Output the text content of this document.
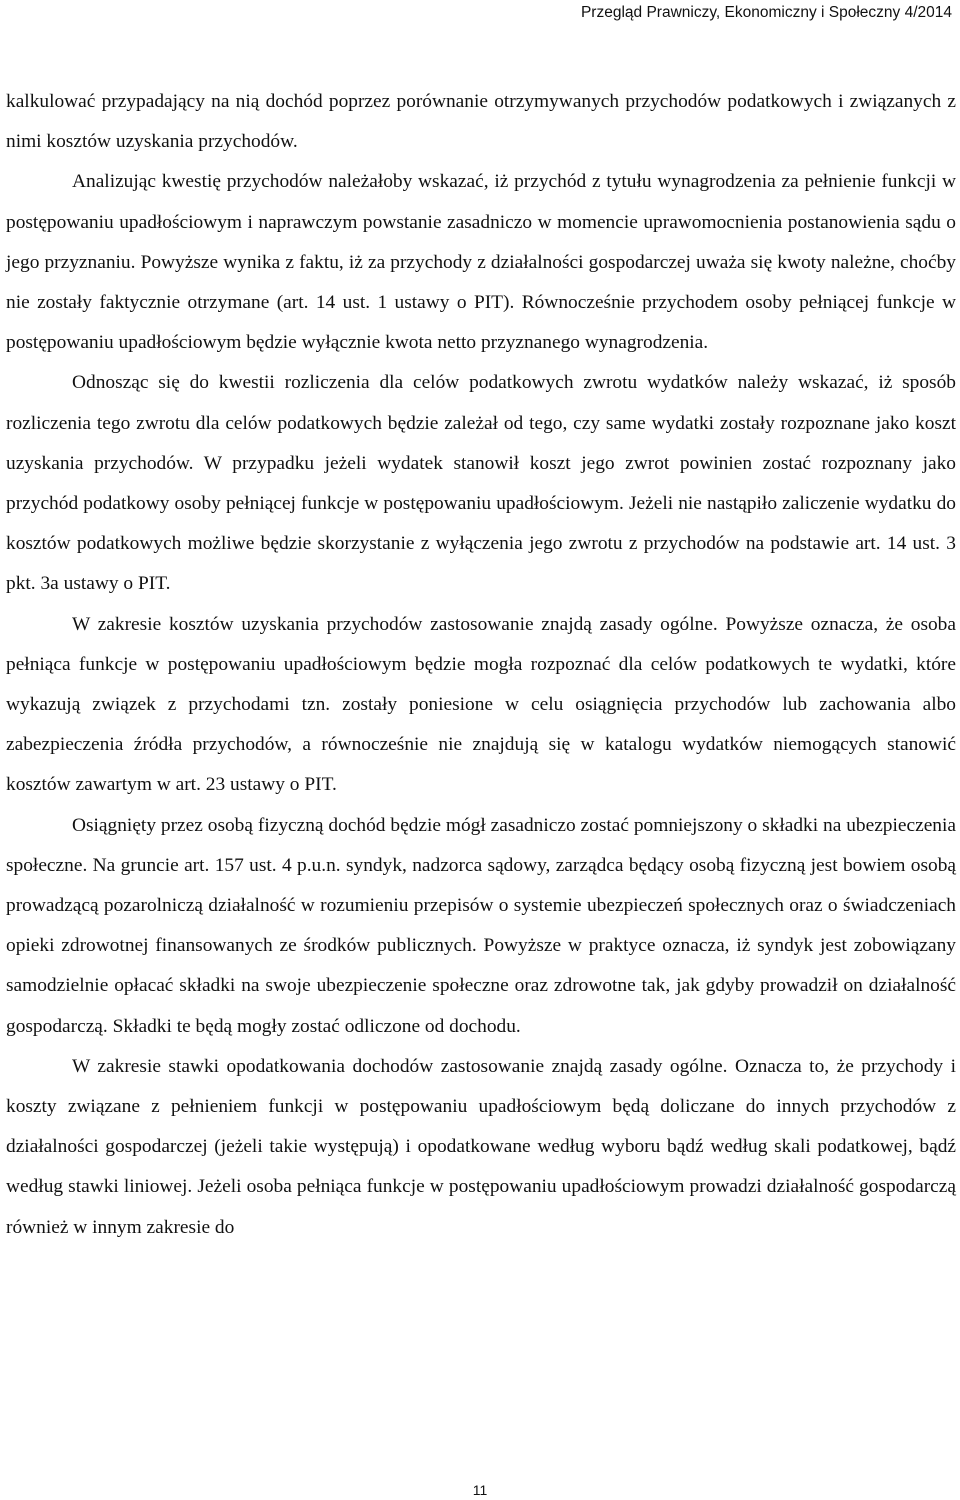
Przegląd Prawniczy, Ekonomiczny i Społeczny 4/2014

kalkulować przypadający na nią dochód poprzez porównanie otrzymywanych przychodów podatkowych i związanych z nimi kosztów uzyskania przychodów.

Analizując kwestię przychodów należałoby wskazać, iż przychód z tytułu wynagrodzenia za pełnienie funkcji w postępowaniu upadłościowym i naprawczym powstanie zasadniczo w momencie uprawomocnienia postanowienia sądu o jego przyznaniu. Powyższe wynika z faktu, iż za przychody z działalności gospodarczej uważa się kwoty należne, choćby nie zostały faktycznie otrzymane (art. 14 ust. 1 ustawy o PIT). Równocześnie przychodem osoby pełniącej funkcje w postępowaniu upadłościowym będzie wyłącznie kwota netto przyznanego wynagrodzenia.

Odnosząc się do kwestii rozliczenia dla celów podatkowych zwrotu wydatków należy wskazać, iż sposób rozliczenia tego zwrotu dla celów podatkowych będzie zależał od tego, czy same wydatki zostały rozpoznane jako koszt uzyskania przychodów. W przypadku jeżeli wydatek stanowił koszt jego zwrot powinien zostać rozpoznany jako przychód podatkowy osoby pełniącej funkcje w postępowaniu upadłościowym. Jeżeli nie nastąpiło zaliczenie wydatku do kosztów podatkowych możliwe będzie skorzystanie z wyłączenia jego zwrotu z przychodów na podstawie art. 14 ust. 3 pkt. 3a ustawy o PIT.

W zakresie kosztów uzyskania przychodów zastosowanie znajdą zasady ogólne. Powyższe oznacza, że osoba pełniąca funkcje w postępowaniu upadłościowym będzie mogła rozpoznać dla celów podatkowych te wydatki, które wykazują związek z przychodami tzn. zostały poniesione w celu osiągnięcia przychodów lub zachowania albo zabezpieczenia źródła przychodów, a równocześnie nie znajdują się w katalogu wydatków niemogących stanowić kosztów zawartym w art. 23 ustawy o PIT.

Osiągnięty przez osobą fizyczną dochód będzie mógł zasadniczo zostać pomniejszony o składki na ubezpieczenia społeczne. Na gruncie art. 157 ust. 4 p.u.n. syndyk, nadzorca sądowy, zarządca będący osobą fizyczną jest bowiem osobą prowadzącą pozarolniczą działalność w rozumieniu przepisów o systemie ubezpieczeń społecznych oraz o świadczeniach opieki zdrowotnej finansowanych ze środków publicznych. Powyższe w praktyce oznacza, iż syndyk jest zobowiązany samodzielnie opłacać składki na swoje ubezpieczenie społeczne oraz zdrowotne tak, jak gdyby prowadził on działalność gospodarczą. Składki te będą mogły zostać odliczone od dochodu.

W zakresie stawki opodatkowania dochodów zastosowanie znajdą zasady ogólne. Oznacza to, że przychody i koszty związane z pełnieniem funkcji w postępowaniu upadłościowym będą doliczane do innych przychodów z działalności gospodarczej (jeżeli takie występują) i opodatkowane według wyboru bądź według skali podatkowej, bądź według stawki liniowej. Jeżeli osoba pełniąca funkcje w postępowaniu upadłościowym prowadzi działalność gospodarczą również w innym zakresie do

11
